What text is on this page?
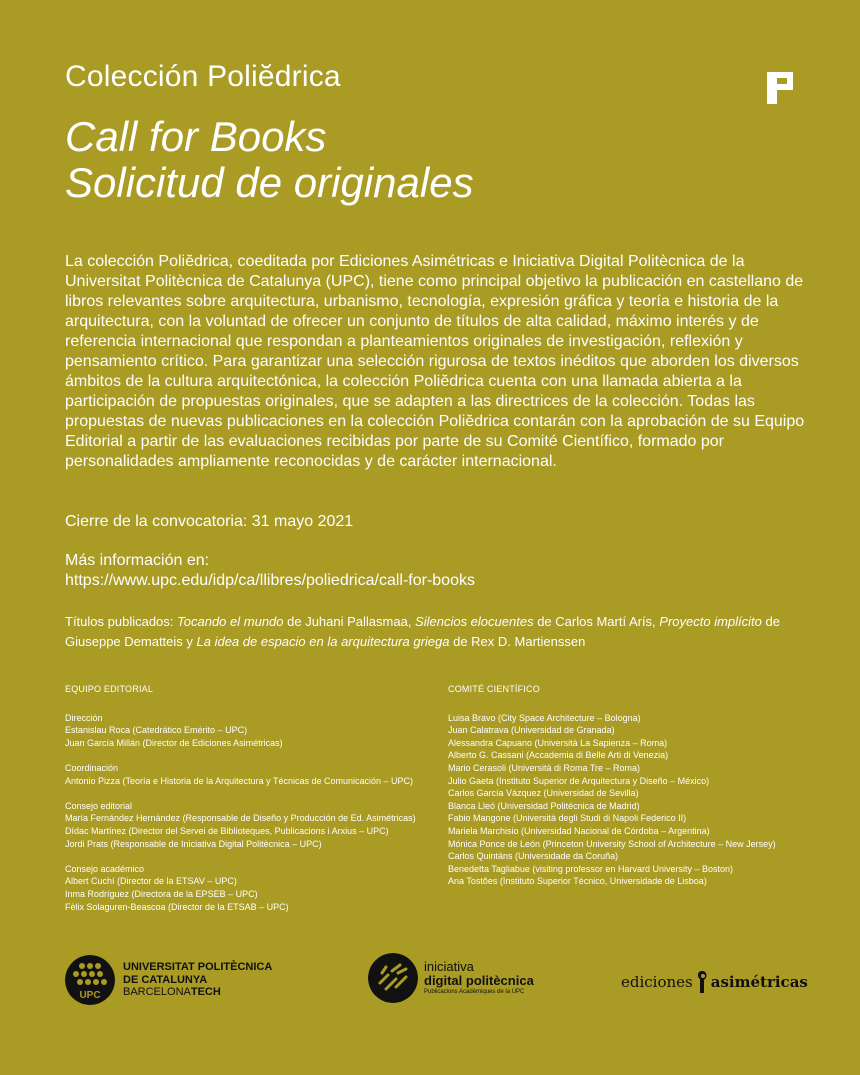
Colección Poliĕdrica
Call for Books
Solicitud de originales

La colección Poliĕdrica, coeditada por Ediciones Asimétricas e Iniciativa Digital Politècnica de la Universitat Politècnica de Catalunya (UPC), tiene como principal objetivo la publicación en castellano de libros relevantes sobre arquitectura, urbanismo, tecnología, expresión gráfica y teoría e historia de la arquitectura, con la voluntad de ofrecer un conjunto de títulos de alta calidad, máximo interés y de referencia internacional que respondan a planteamientos originales de investigación, reflexión y pensamiento crítico. Para garantizar una selección rigurosa de textos inéditos que aborden los diversos ámbitos de la cultura arquitectónica, la colección Poliĕdrica cuenta con una llamada abierta a la participación de propuestas originales, que se adapten a las directrices de la colección. Todas las propuestas de nuevas publicaciones en la colección Poliĕdrica contarán con la aprobación de su Equipo Editorial a partir de las evaluaciones recibidas por parte de su Comité Científico, formado por personalidades ampliamente reconocidas y de carácter internacional.

Cierre de la convocatoria: 31 mayo 2021
Más información en:
https://www.upc.edu/idp/ca/llibres/poliedrica/call-for-books

Títulos publicados: Tocando el mundo de Juhani Pallasmaa, Silencios elocuentes de Carlos Martí Arís, Proyecto implícito de Giuseppe Dematteis y La idea de espacio en la arquitectura griega de Rex D. Martienssen

EQUIPO EDITORIAL
Dirección
Estanislau Roca (Catedrático Emérito – UPC)
Juan García Millán (Director de Ediciones Asimétricas)
Coordinación
Antonio Pizza (Teoría e Historia de la Arquitectura y Técnicas de Comunicación – UPC)
Consejo editorial
María Fernández Hernández (Responsable de Diseño y Producción de Ed. Asimétricas)
Dídac Martínez (Director del Servei de Biblioteques, Publicacions i Arxius – UPC)
Jordi Prats (Responsable de Iniciativa Digital Politècnica – UPC)
Consejo académico
Albert Cuchí (Director de la ETSAV – UPC)
Inma Rodríguez (Directora de la EPSEB – UPC)
Fèlix Solaguren-Beascoa (Director de la ETSAB – UPC)
COMITÉ CIENTÍFICO
Luisa Bravo (City Space Architecture – Bologna)
Juan Calatrava (Universidad de Granada)
Alessandra Capuano (Università La Sapienza – Roma)
Alberto G. Cassani (Accademia di Belle Arti di Venezia)
Mario Cerasoli (Università di Roma Tre – Roma)
Julio Gaeta (Instituto Superior de Arquitectura y Diseño – México)
Carlos García Vázquez (Universidad de Sevilla)
Blanca Lleó (Universidad Politécnica de Madrid)
Fabio Mangone (Università degli Studi di Napoli Federico II)
Mariela Marchisio (Universidad Nacional de Córdoba – Argentina)
Mónica Ponce de León (Princeton University School of Architecture – New Jersey)
Carlos Quintáns (Universidade da Coruña)
Benedetta Tagliabue (visiting professor en Harvard University – Boston)
Ana Tostões (Instituto Superior Técnico, Universidade de Lisboa)
UPC
UNIVERSITAT POLITÈCNICA
DE CATALUNYA
BARCELONATECH
iniciativa
digital politècnica
Publicacions Acadèmiques de la UPC
ediciones asimétricas
